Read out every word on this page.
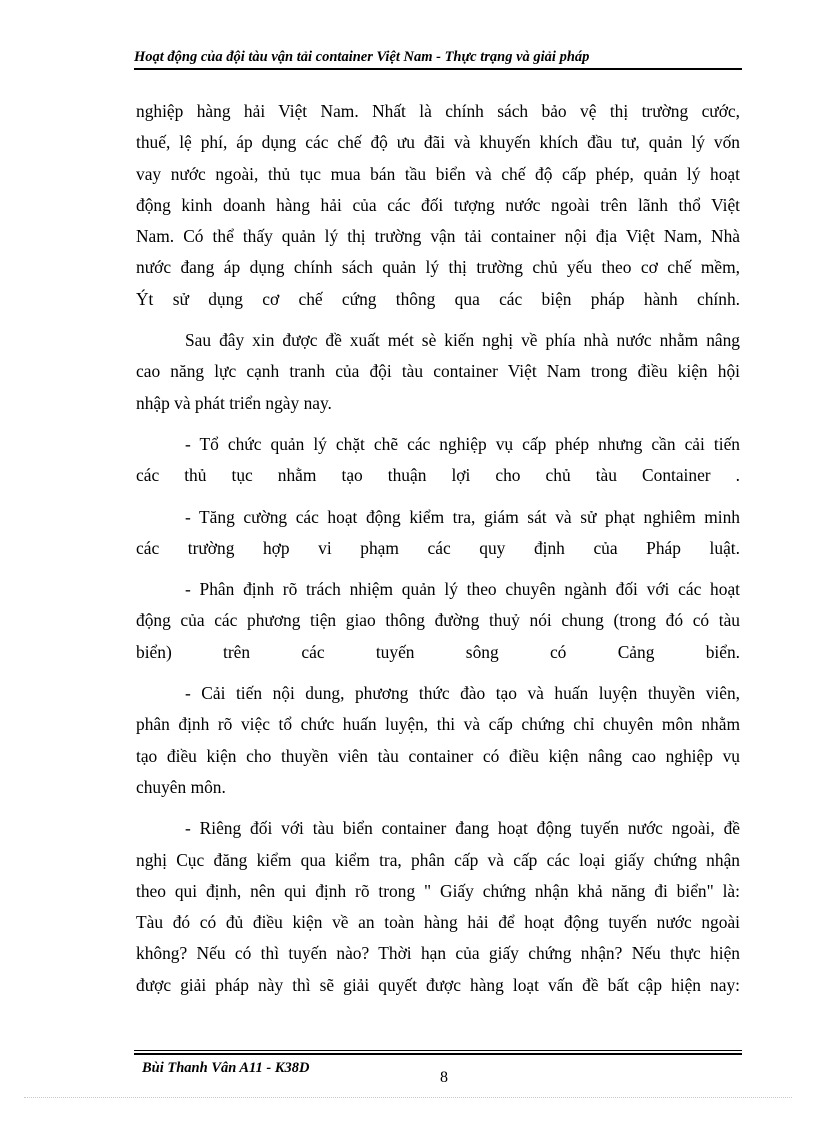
Hoạt động của đội tàu vận tải container Việt Nam - Thực trạng và giải pháp

nghiệp hàng hải Việt Nam. Nhất là chính sách bảo vệ thị trường cước,
thuế, lệ phí, áp dụng các chế độ ưu đãi và khuyến khích đầu tư, quản lý vốn
vay nước ngoài, thủ tục mua bán tầu biển và chế độ cấp phép, quản lý hoạt
động kinh doanh hàng hải của các đối tượng nước ngoài trên lãnh thổ Việt
Nam. Có thể thấy quản lý thị trường vận tải container nội địa Việt Nam, Nhà
nước đang áp dụng chính sách quản lý thị trường chủ yếu theo cơ chế mềm,
Ýt sử dụng cơ chế cứng thông qua các biện pháp hành chính.

Sau đây xin được đề xuất mét sè kiến nghị về phía nhà nước nhằm nâng
cao năng lực cạnh tranh của đội tàu container Việt Nam trong điều kiện hội
nhập và phát triển ngày nay.

- Tổ chức quản lý chặt chẽ các nghiệp vụ cấp phép nhưng cần cải tiến
các thủ tục nhằm tạo thuận lợi cho chủ tàu Container .

- Tăng cường các hoạt động kiểm tra, giám sát và sử phạt nghiêm minh
các trường hợp vi phạm các quy định của Pháp luật.

- Phân định rõ trách nhiệm quản lý theo chuyên ngành đối với các hoạt
động của các phương tiện giao thông đường thuỷ nói chung (trong đó có tàu
biển) trên các tuyến sông có Cảng biển.

- Cải tiến nội dung, phương thức đào tạo và huấn luyện thuyền viên,
phân định rõ việc tổ chức huấn luyện, thi và cấp chứng chỉ chuyên môn nhằm
tạo điều kiện cho thuyền viên tàu container có điều kiện nâng cao nghiệp vụ
chuyên môn.

- Riêng đối với tàu biển container đang hoạt động tuyến nước ngoài, đề
nghị Cục đăng kiểm qua kiểm tra, phân cấp và cấp các loại giấy chứng nhận
theo qui định, nên qui định rõ trong " Giấy chứng nhận khả năng đi biển" là:
Tàu đó có đủ điều kiện về an toàn hàng hải để hoạt động tuyến nước ngoài
không? Nếu có thì tuyến nào? Thời hạn của giấy chứng nhận? Nếu thực hiện
được giải pháp này thì sẽ giải quyết được hàng loạt vấn đề bất cập hiện nay:

Bùi Thanh Vân A11 - K38D
8
